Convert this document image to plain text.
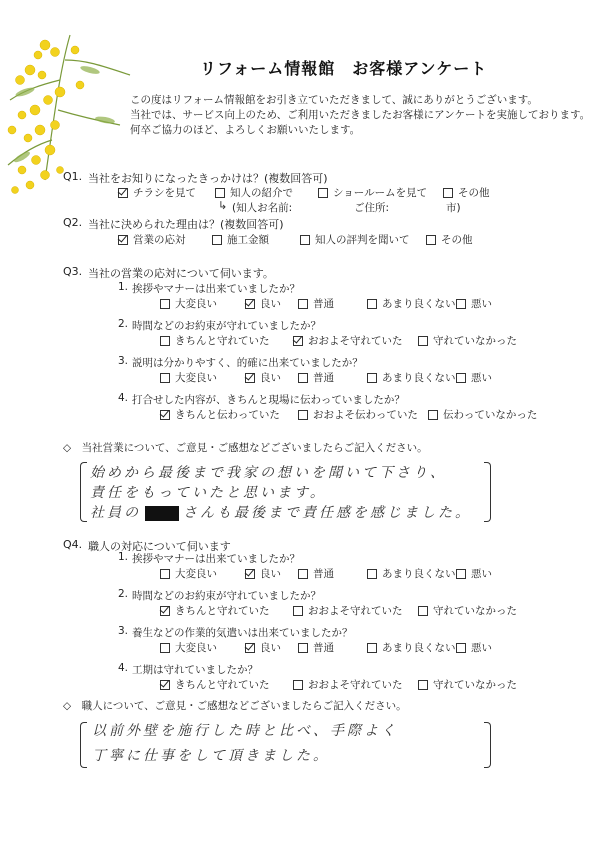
リフォーム情報館　お客様アンケート
この度はリフォーム情報館をお引き立ていただきまして、誠にありがとうございます。
当社では、サービス向上のため、ご利用いただきましたお客様にアンケートを実施しております。
何卒ご協力のほど、よろしくお願いいたします。
Q1. 当社をお知りになったきっかけは？(複数回答可)
チラシを見て	知人の紹介で	ショールームを見て	その他
↳ (知人お名前:	ご住所:	市)
Q2. 当社に決められた理由は？(複数回答可)
営業の応対	施工金額	知人の評判を聞いて	その他
Q3. 当社の営業の応対について伺います。
1. 挨拶やマナーは出来ていましたか？
大変良い	良い	普通	あまり良くない 悪い
2. 時間などのお約束が守れていましたか？
きちんと守れていた	おおよそ守れていた	守れていなかった
3. 説明は分かりやすく、的確に出来ていましたか？
大変良い	良い	普通	あまり良くない 悪い
4. 打合せした内容が、きちんと現場に伝わっていましたか？
きちんと伝わっていた	おおよそ伝わっていた 伝わっていなかった
◇　当社営業について、ご意見・ご感想などございましたらご記入ください。
始めから最後まで我家の想いを聞いて下さり、
責任をもっていたと思います。
社員の	さんも最後まで責任感を感じました。
Q4. 職人の対応について伺います
1. 挨拶やマナーは出来ていましたか？
大変良い	良い	普通	あまり良くない 悪い
2. 時間などのお約束が守れていましたか？
きちんと守れていた	おおよそ守れていた	守れていなかった
3. 養生などの作業的気遣いは出来ていましたか？
大変良い	良い	普通	あまり良くない 悪い
4. 工期は守れていましたか？
きちんと守れていた	おおよそ守れていた	守れていなかった
◇　職人について、ご意見・ご感想などございましたらご記入ください。
以前外壁を施行した時と比べ、手際よく
丁寧に仕事をして頂きました。
